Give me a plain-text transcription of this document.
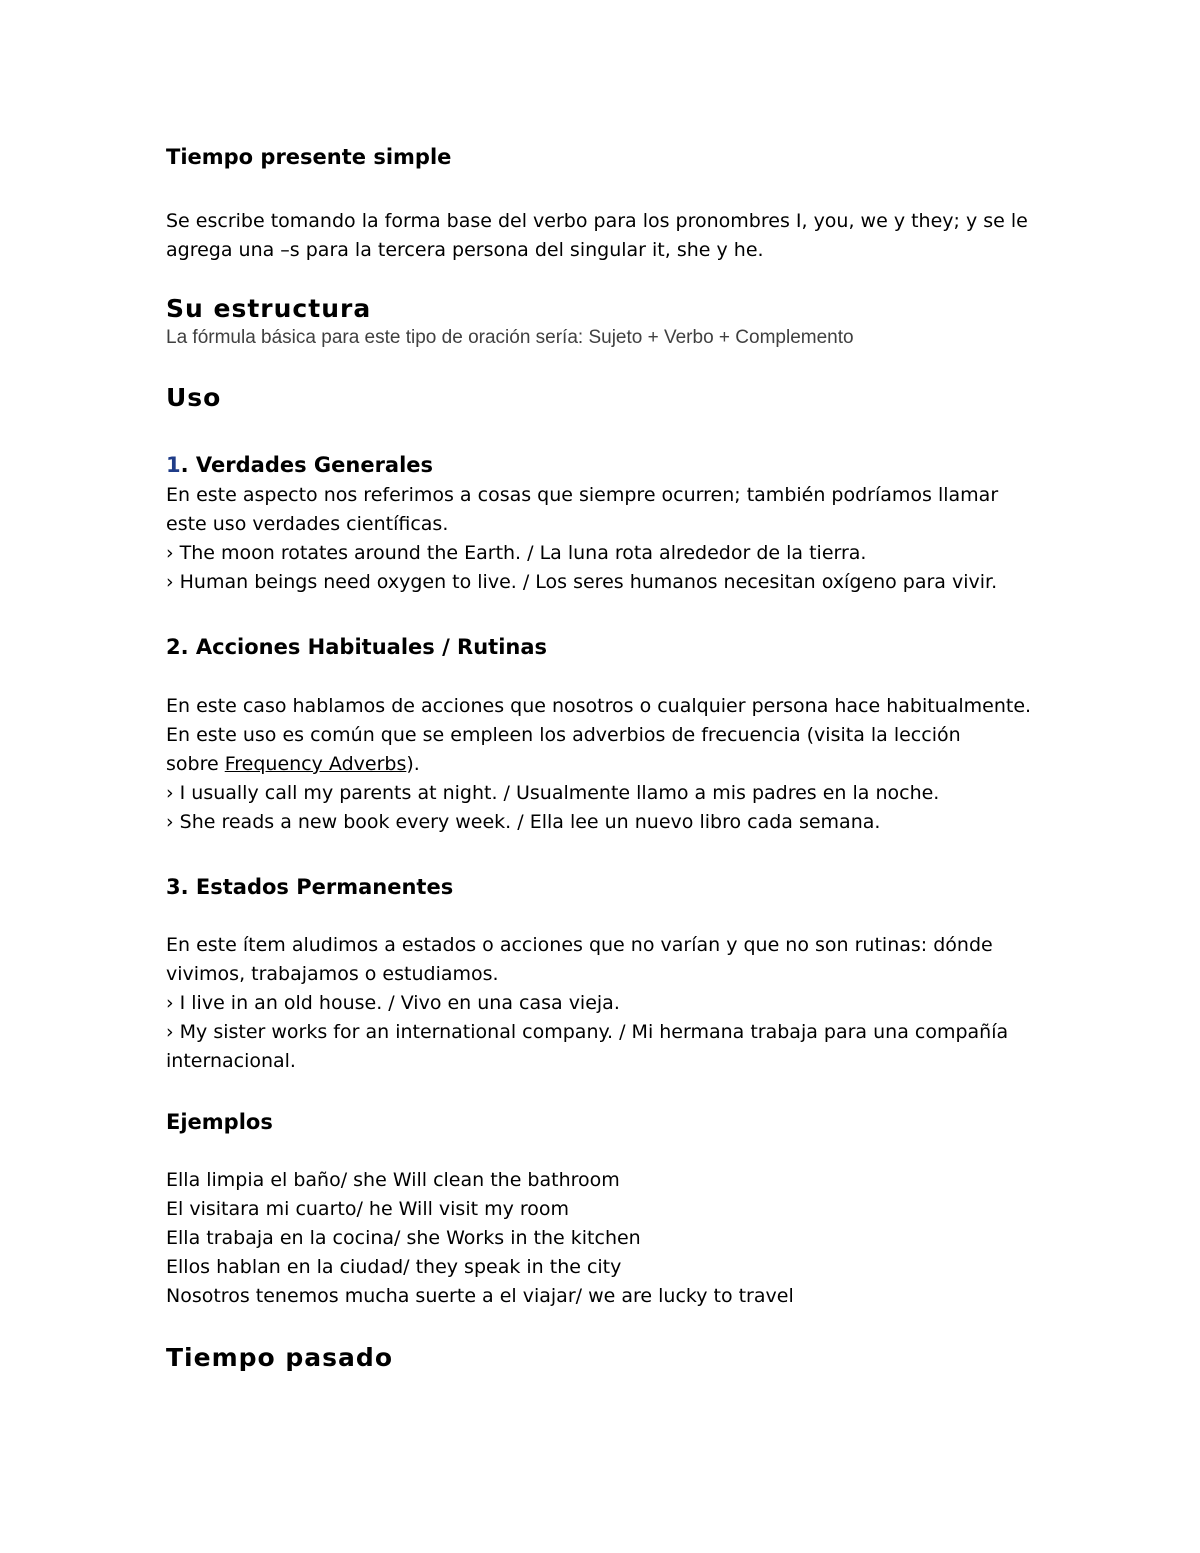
Tiempo presente simple
Se escribe tomando la forma base del verbo para los pronombres I, you, we y they; y se le
agrega una –s para la tercera persona del singular it, she y he.
Su estructura
La fórmula básica para este tipo de oración sería: Sujeto + Verbo + Complemento
Uso
1. Verdades Generales
En este aspecto nos referimos a cosas que siempre ocurren; también podríamos llamar
este uso verdades científicas.
› The moon rotates around the Earth. / La luna rota alrededor de la tierra.
› Human beings need oxygen to live. / Los seres humanos necesitan oxígeno para vivir.
2. Acciones Habituales / Rutinas
En este caso hablamos de acciones que nosotros o cualquier persona hace habitualmente.
En este uso es común que se empleen los adverbios de frecuencia (visita la lección
sobre Frequency Adverbs).
› I usually call my parents at night. / Usualmente llamo a mis padres en la noche.
› She reads a new book every week. / Ella lee un nuevo libro cada semana.
3. Estados Permanentes
En este ítem aludimos a estados o acciones que no varían y que no son rutinas: dónde
vivimos, trabajamos o estudiamos.
› I live in an old house. / Vivo en una casa vieja.
› My sister works for an international company. / Mi hermana trabaja para una compañía
internacional.
Ejemplos
Ella limpia el baño/ she Will clean the bathroom
El visitara mi cuarto/ he Will visit my room
Ella trabaja en la cocina/ she Works in the kitchen
Ellos hablan en la ciudad/ they speak in the city
Nosotros tenemos mucha suerte a el viajar/ we are lucky to travel
Tiempo pasado
